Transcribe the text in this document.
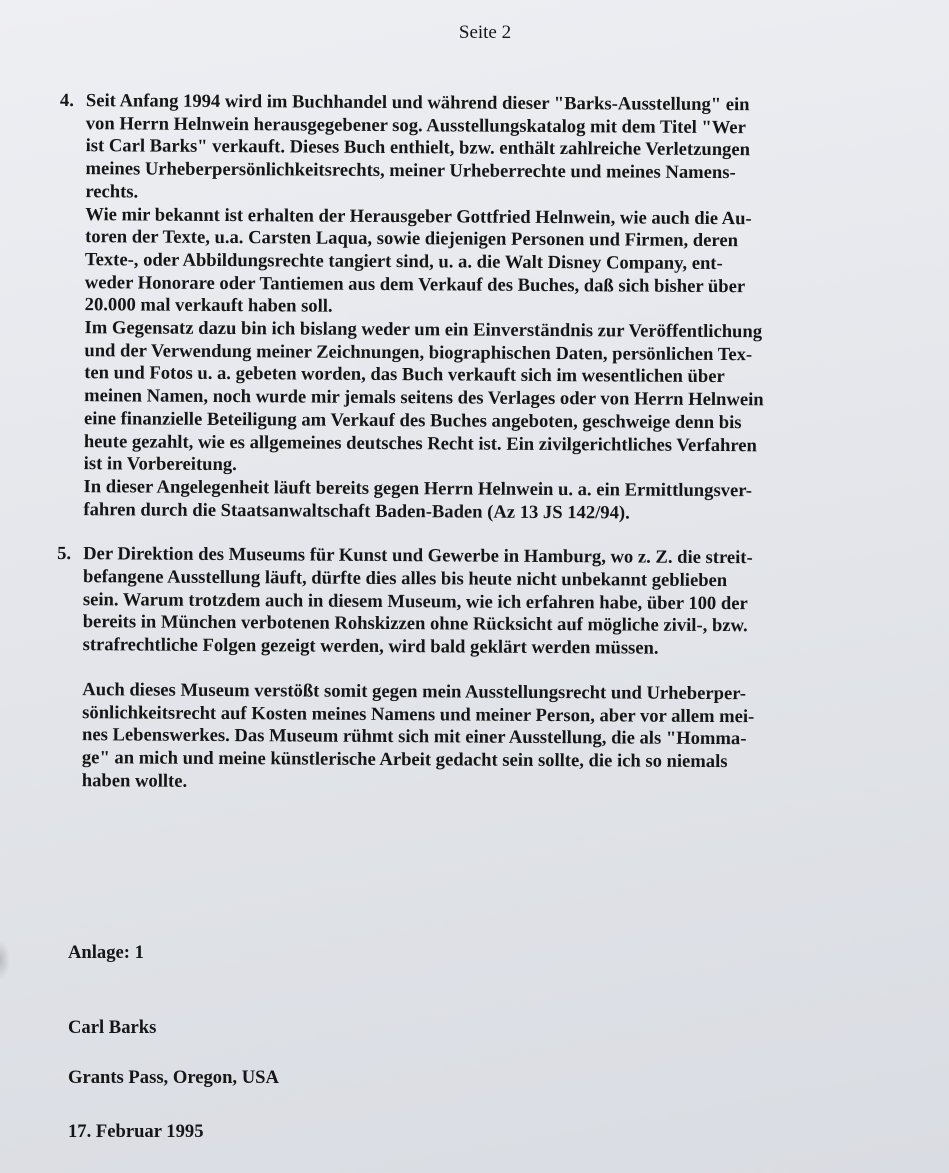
Seite 2
4. Seit Anfang 1994 wird im Buchhandel und während dieser "Barks-Ausstellung" ein
von Herrn Helnwein herausgegebener sog. Ausstellungskatalog mit dem Titel "Wer
ist Carl Barks" verkauft. Dieses Buch enthielt, bzw. enthält zahlreiche Verletzungen
meines Urheberpersönlichkeitsrechts, meiner Urheberrechte und meines Namens-
rechts.

Wie mir bekannt ist erhalten der Herausgeber Gottfried Helnwein, wie auch die Au-
toren der Texte, u.a. Carsten Laqua, sowie diejenigen Personen und Firmen, deren
Texte-, oder Abbildungsrechte tangiert sind, u. a. die Walt Disney Company, ent-
weder Honorare oder Tantiemen aus dem Verkauf des Buches, daß sich bisher über
20.000 mal verkauft haben soll.

Im Gegensatz dazu bin ich bislang weder um ein Einverständnis zur Veröffentlichung
und der Verwendung meiner Zeichnungen, biographischen Daten, persönlichen Tex-
ten und Fotos u. a. gebeten worden, das Buch verkauft sich im wesentlichen über
meinen Namen, noch wurde mir jemals seitens des Verlages oder von Herrn Helnwein
eine finanzielle Beteiligung am Verkauf des Buches angeboten, geschweige denn bis
heute gezahlt, wie es allgemeines deutsches Recht ist. Ein zivilgerichtliches Verfahren
ist in Vorbereitung.

In dieser Angelegenheit läuft bereits gegen Herrn Helnwein u. a. ein Ermittlungsver-
fahren durch die Staatsanwaltschaft Baden-Baden (Az 13 JS 142/94).

5. Der Direktion des Museums für Kunst und Gewerbe in Hamburg, wo z. Z. die streit-
befangene Ausstellung läuft, dürfte dies alles bis heute nicht unbekannt geblieben
sein. Warum trotzdem auch in diesem Museum, wie ich erfahren habe, über 100 der
bereits in München verbotenen Rohskizzen ohne Rücksicht auf mögliche zivil-, bzw.
strafrechtliche Folgen gezeigt werden, wird bald geklärt werden müssen.

Auch dieses Museum verstößt somit gegen mein Ausstellungsrecht und Urheberper-
sönlichkeitsrecht auf Kosten meines Namens und meiner Person, aber vor allem mei-
nes Lebenswerkes. Das Museum rühmt sich mit einer Ausstellung, die als "Homma-
ge" an mich und meine künstlerische Arbeit gedacht sein sollte, die ich so niemals
haben wollte.

Anlage: 1

Carl Barks

Grants Pass, Oregon, USA

17. Februar 1995
